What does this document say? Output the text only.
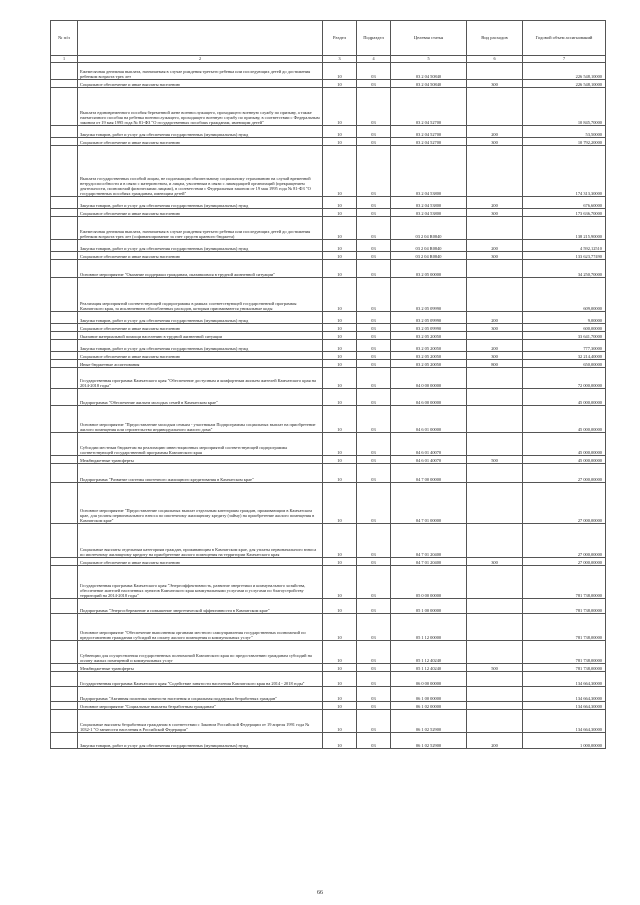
№ п/п		Раздел	Подраздел	Целевая статья	Вид расходов	Годовой объем ассигнований
1	2	3	4	5	6	7
	Ежемесячная денежная выплата, назначаемая в случае рождения третьего ребенка или последующих детей до достижения ребенком возраста трех лет	10	03	03 2 04 50840		226 548,10000
	Социальное обеспечение и иные выплаты населению	10	03	03 2 04 50840	300	226 548,10000
	Выплата единовременного пособия беременной жене военнослужащего, проходящего военную службу по призыву, а также ежемесячного пособия на ребенка военнослужащего, проходящего военную службу по призыву, в соответствии с Федеральным законом от 19 мая 1995 года № 81-ФЗ "О государственных пособиях гражданам, имеющим детей"	10	03	03 2 04 52700		10 845,70000
	Закупка товаров, работ и услуг для обеспечения государственных (муниципальных) нужд	10	03	03 2 04 52700	200	53,50000
	Социальное обеспечение и иные выплаты населению	10	03	03 2 04 52700	300	10 792,20000
	Выплата государственных пособий лицам, не подлежащим обязательному социальному страхованию на случай временной нетрудоспособности и в связи с материнством, и лицам, уволенным в связи с ликвидацией организаций (прекращением деятельности, полномочий физическими лицами), в соответствии с Федеральным законом от 19 мая 1995 года № 81-ФЗ "О государственных пособиях гражданам, имеющим детей"	10	03	03 2 04 53800		174 313,30000
	Закупка товаров, работ и услуг для обеспечения государственных (муниципальных) нужд	10	03	03 2 04 53800	200	676,60000
	Социальное обеспечение и иные выплаты населению	10	03	03 2 04 53800	300	173 636,70000
	Ежемесячная денежная выплата, назначаемая в случае рождения третьего ребенка или последующих детей до достижения ребенком возраста трех лет (софинансирование за счет средств краевого бюджета)	10	03	03 2 04 R0840		138 215,90000
	Закупка товаров, работ и услуг для обеспечения государственных (муниципальных) нужд	10	03	03 2 04 R0840	200	4 592,12510
	Социальное обеспечение и иные выплаты населению	10	03	03 2 04 R0840	300	133 623,77490
	Основное мероприятие "Оказание поддержки гражданам, оказавшимся в трудной жизненной ситуации"	10	03	03 2 05 00000		34 250,70000
	Реализация мероприятий соответствующей подпрограммы в рамках соответствующей государственной программы Камчатского края, за исключением обособленных расходов, которым присваиваются уникальные коды	10	03	03 2 05 09990		609,00000
	Закупка товаров, работ и услуг для обеспечения государственных (муниципальных) нужд	10	03	03 2 05 09990	200	9,00000
	Социальное обеспечение и иные выплаты населению	10	03	03 2 05 09990	300	600,00000
	Оказание материальной помощи населению в трудной жизненной ситуации	10	03	03 2 05 20050		33 641,70000
	Закупка товаров, работ и услуг для обеспечения государственных (муниципальных) нужд	10	03	03 2 05 20050	200	777,30000
	Социальное обеспечение и иные выплаты населению	10	03	03 2 05 20050	300	32 214,40000
	Иные бюджетные ассигнования	10	03	03 2 05 20050	800	650,00000
	Государственная программа Камчатского края "Обеспечение доступным и комфортным жильем жителей Камчатского края на 2014-2018 годы"	10	03	04 0 00 00000		72 000,00000
	Подпрограмма "Обеспечение жильем молодых семей в Камчатском крае"	10	03	04 6 00 00000		45 000,00000
	Основное мероприятие "Предоставление молодым семьям - участникам Подпрограммы социальных выплат на приобретение жилого помещения или строительство индивидуального жилого дома"	10	03	04 6 01 00000		45 000,00000
	Субсидии местным бюджетам на реализацию инвестиционных мероприятий соответствующей подпрограммы соответствующей государственной программы Камчатского края	10	03	04 6 01 40070		45 000,00000
	Межбюджетные трансферты	10	03	04 6 01 40070	500	45 000,00000
	Подпрограмма "Развитие системы ипотечного жилищного кредитования в Камчатском крае"	10	03	04 7 00 00000		27 000,00000
	Основное мероприятие "Предоставление социальных выплат отдельным категориям граждан, проживающим в Камчатском крае, для уплаты первоначального взноса по ипотечному жилищному кредиту (займу) на приобретение жилого помещения в Камчатском крае"	10	03	04 7 01 00000		27 000,00000
	Социальные выплаты отдельным категориям граждан, проживающим в Камчатском крае, для уплаты первоначального взноса по ипотечному жилищному кредиту на приобретение жилого помещения на территории Камчатского края	10	03	04 7 01 20400		27 000,00000
	Социальное обеспечение и иные выплаты населению	10	03	04 7 01 20400	300	27 000,00000
	Государственная программа Камчатского края "Энергоэффективность, развитие энергетики и коммунального хозяйства, обеспечение жителей населенных пунктов Камчатского края коммунальными услугами и услугами по благоустройству территорий на 2014-2018 годы"	10	03	05 0 00 00000		781 738,00000
	Подпрограмма "Энергосбережение и повышение энергетической эффективности в Камчатском крае"	10	03	05 1 00 00000		781 738,00000
	Основное мероприятие "Обеспечение выполнения органами местного самоуправления государственных полномочий по предоставлению гражданам субсидий на оплату жилого помещения и коммунальных услуг"	10	03	05 1 12 00000		781 738,00000
	Субвенции для осуществления государственных полномочий Камчатского края по предоставлению гражданам субсидий на оплату жилых помещений и коммунальных услуг	10	03	05 1 12 40240		781 738,00000
	Межбюджетные трансферты	10	03	05 1 12 40240	500	781 738,00000
	Государственная программа Камчатского края "Содействие занятости населения Камчатского края на 2014 - 2018 годы"	10	03	06 0 00 00000		134 664,30000
	Подпрограмма "Активная политика занятости населения и социальная поддержка безработных граждан"	10	03	06 1 00 00000		134 664,30000
	Основное мероприятие "Социальные выплаты безработным гражданам"	10	03	06 1 02 00000		134 664,30000
	Социальные выплаты безработным гражданам в соответствии с Законом Российской Федерации от 19 апреля 1991 года № 1032-1 "О занятости населения в Российской Федерации"	10	03	06 1 02 52900		134 664,30000
	Закупка товаров, работ и услуг для обеспечения государственных (муниципальных) нужд	10	03	06 1 02 52900	200	1 000,00000
66
